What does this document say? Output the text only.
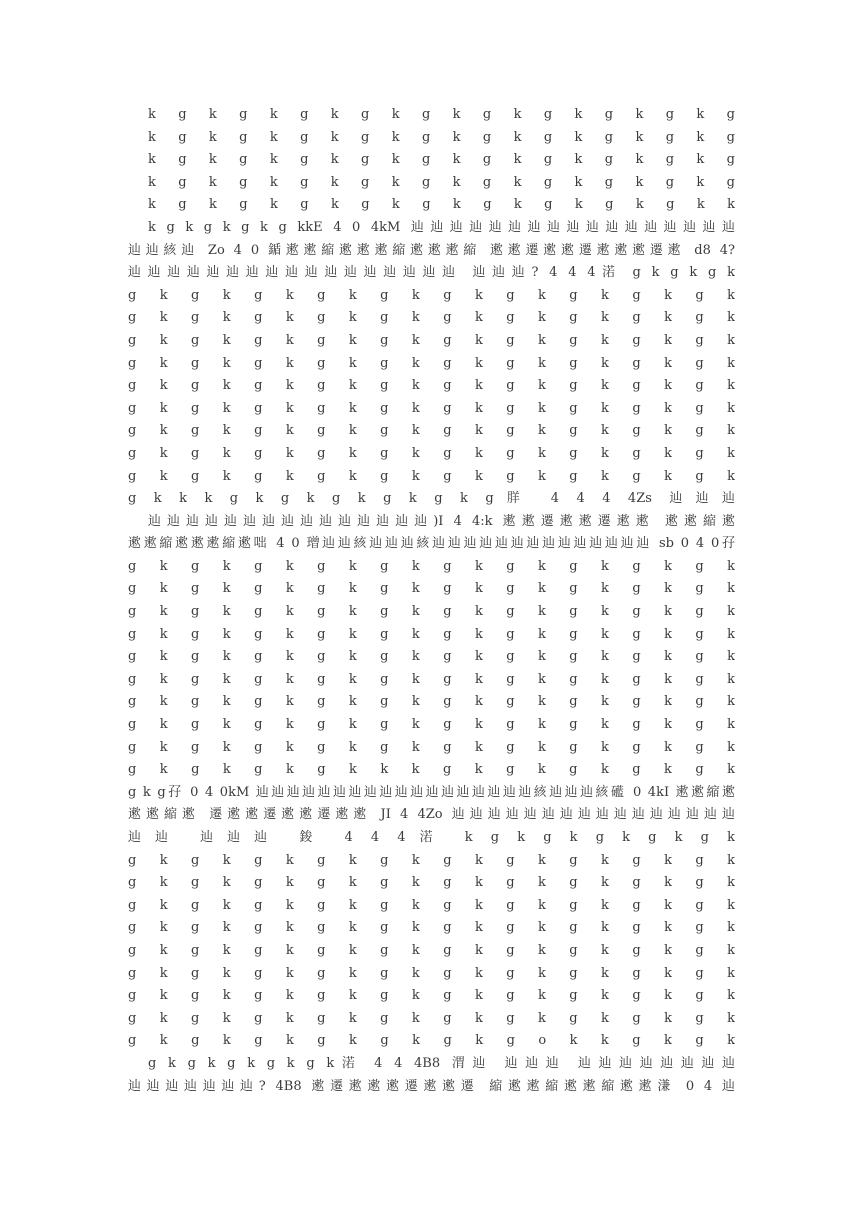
k g k g k g k g k g k g k g k g k g k g
k g k g k g k g k g k g k g k g k g k g
k g k g k g k g k g k g k g k g k g k g
k g k g k g k g k g k g k g k g k g k g
k g k g k g k g k g k g k g k g k g k k
k g k g k g k g kkE 4 0 4kM 辿辿辿辿辿辿辿辿辿辿辿辿辿辿辿辿辿
辿辿絯辿 Zo 4 0 鍎遬遬縮遬遬遬縮遬遬遬縮 遬遬遷遬遬遷遬遬遬遷遬 d8 4?
辿辿辿辿辿辿辿辿辿辿辿辿辿辿辿辿辿 辿辿辿? 4 4 4渃 g k g k g k
g k g k g k g k g k g k g k g k g k g k
g k g k g k g k g k g k g k g k g k g k
g k g k g k g k g k g k g k g k g k g k
g k g k g k g k g k g k g k g k g k g k
g k g k g k g k g k g k g k g k g k g k
g k g k g k g k g k g k g k g k g k g k
g k g k g k g k g k g k g k g k g k g k
g k g k g k g k g k g k g k g k g k g k
g k g k g k g k g k g k g k g k g k g k
g k k k g k g k g k g k g k g羘 4 4 4 4Zs 辿辿辿
辿辿辿辿辿辿辿辿辿辿辿辿辿辿辿)I 4 4:k 遬遬遷遬遬遷遬遬 遬遬縮遬
遬遬縮遬遬遬縮遬咄 4 0 璔辿辿絯辿辿辿絯辿辿辿辿辿辿辿辿辿辿辿辿辿辿 sb 0 4 0孖
g k g k g k g k g k g k g k g k g k g k
g k g k g k g k g k g k g k g k g k g k
g k g k g k g k g k g k g k g k g k g k
g k g k g k g k g k g k g k g k g k g k
g k g k g k g k g k g k g k g k g k g k
g k g k g k g k g k g k g k g k g k g k
g k g k g k g k g k g k g k g k g k g k
g k g k g k g k g k g k g k g k g k g k
g k g k g k g k g k g k g k g k g k g k
g k g k g k g k k k g k g k g k g k g k
g k g孖 0 4 0kM 辿辿辿辿辿辿辿辿辿辿辿辿辿辿辿辿辿辿絯辿辿辿絯礷 0 4kI 遬遬縮遬
遬遬縮遬 遷遬遬遷遬遬遷遬遬 JI 4 4Zo 辿辿辿辿辿辿辿辿辿辿辿辿辿辿辿辿
辿辿 辿辿辿 鋑 4 4 4渃 k g k g k g k g k g k
g k g k g k g k g k g k g k g k g k g k
g k g k g k g k g k g k g k g k g k g k
g k g k g k g k g k g k g k g k g k g k
g k g k g k g k g k g k g k g k g k g k
g k g k g k g k g k g k g k g k g k g k
g k g k g k g k g k g k g k g k g k g k
g k g k g k g k g k g k g k g k g k g k
g k g k g k g k g k g k g k g k g k g k
g k g k g k g k g k g k g o k k g k g k
g k g k g k g k g k渃 4 4 4B8 渭辿 辿辿辿 辿辿辿辿辿辿辿辿
辿辿辿辿辿辿辿? 4B8 遬遷遬遬遬遷遬遬遷 縮遬遬縮遬遬縮遬遬溓 0 4 辿
